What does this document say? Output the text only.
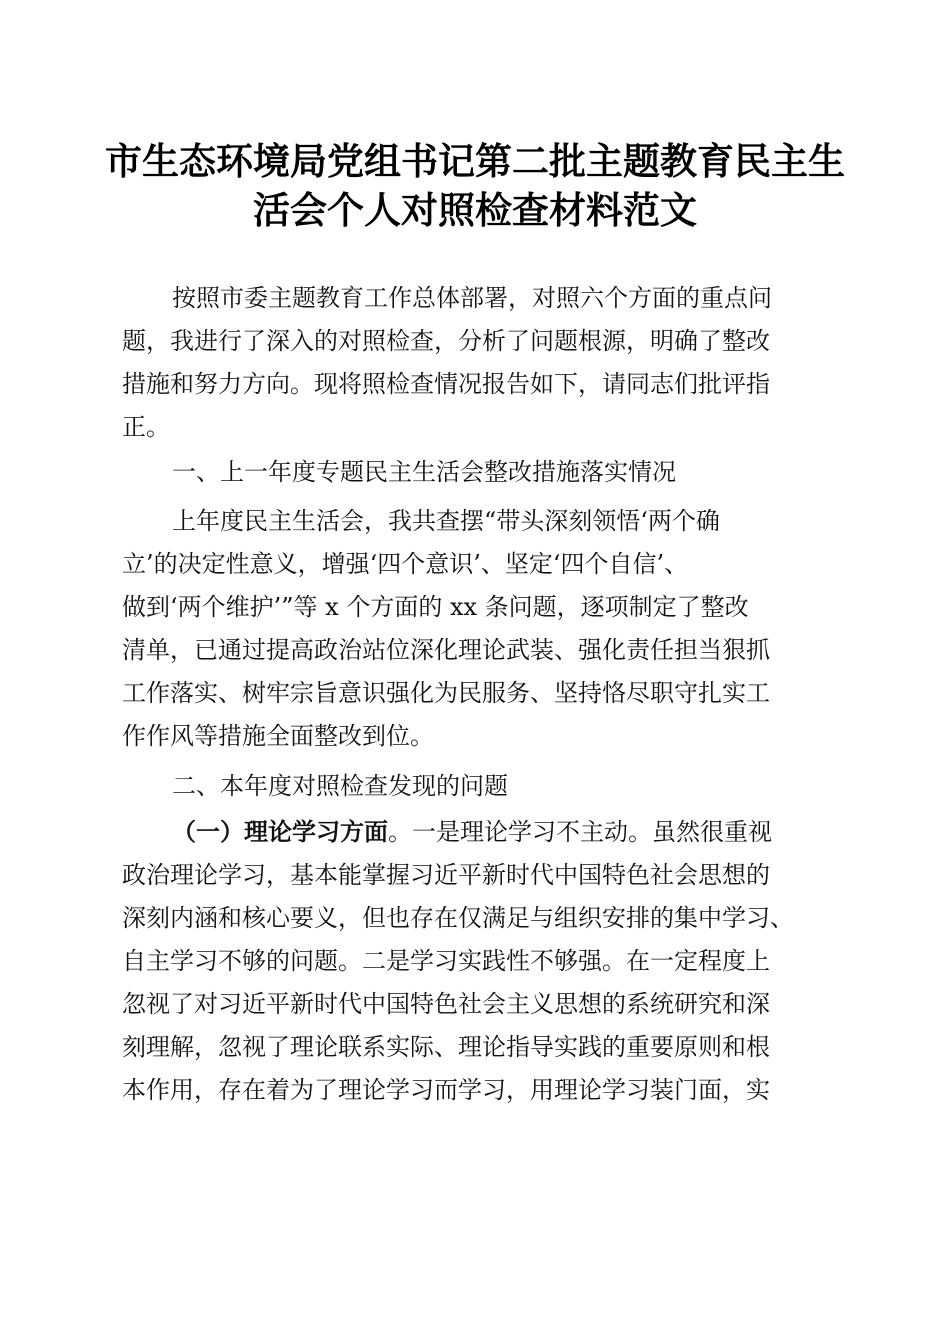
市生态环境局党组书记第二批主题教育民主生
活会个人对照检查材料范文
按照市委主题教育工作总体部署，对照六个方面的重点问
题，我进行了深入的对照检查，分析了问题根源，明确了整改
措施和努力方向。现将照检查情况报告如下，请同志们批评指
正。
一、上一年度专题民主生活会整改措施落实情况
上年度民主生活会，我共查摆“带头深刻领悟‘两个确
立’的决定性意义，增强‘四个意识’、坚定‘四个自信’、
做到‘两个维护’”等 x 个方面的 xx 条问题，逐项制定了整改
清单，已通过提高政治站位深化理论武装、强化责任担当狠抓
工作落实、树牢宗旨意识强化为民服务、坚持恪尽职守扎实工
作作风等措施全面整改到位。
二、本年度对照检查发现的问题
（一）理论学习方面。一是理论学习不主动。虽然很重视
政治理论学习，基本能掌握习近平新时代中国特色社会思想的
深刻内涵和核心要义，但也存在仅满足与组织安排的集中学习、
自主学习不够的问题。二是学习实践性不够强。在一定程度上
忽视了对习近平新时代中国特色社会主义思想的系统研究和深
刻理解，忽视了理论联系实际、理论指导实践的重要原则和根
本作用，存在着为了理论学习而学习，用理论学习装门面，实
